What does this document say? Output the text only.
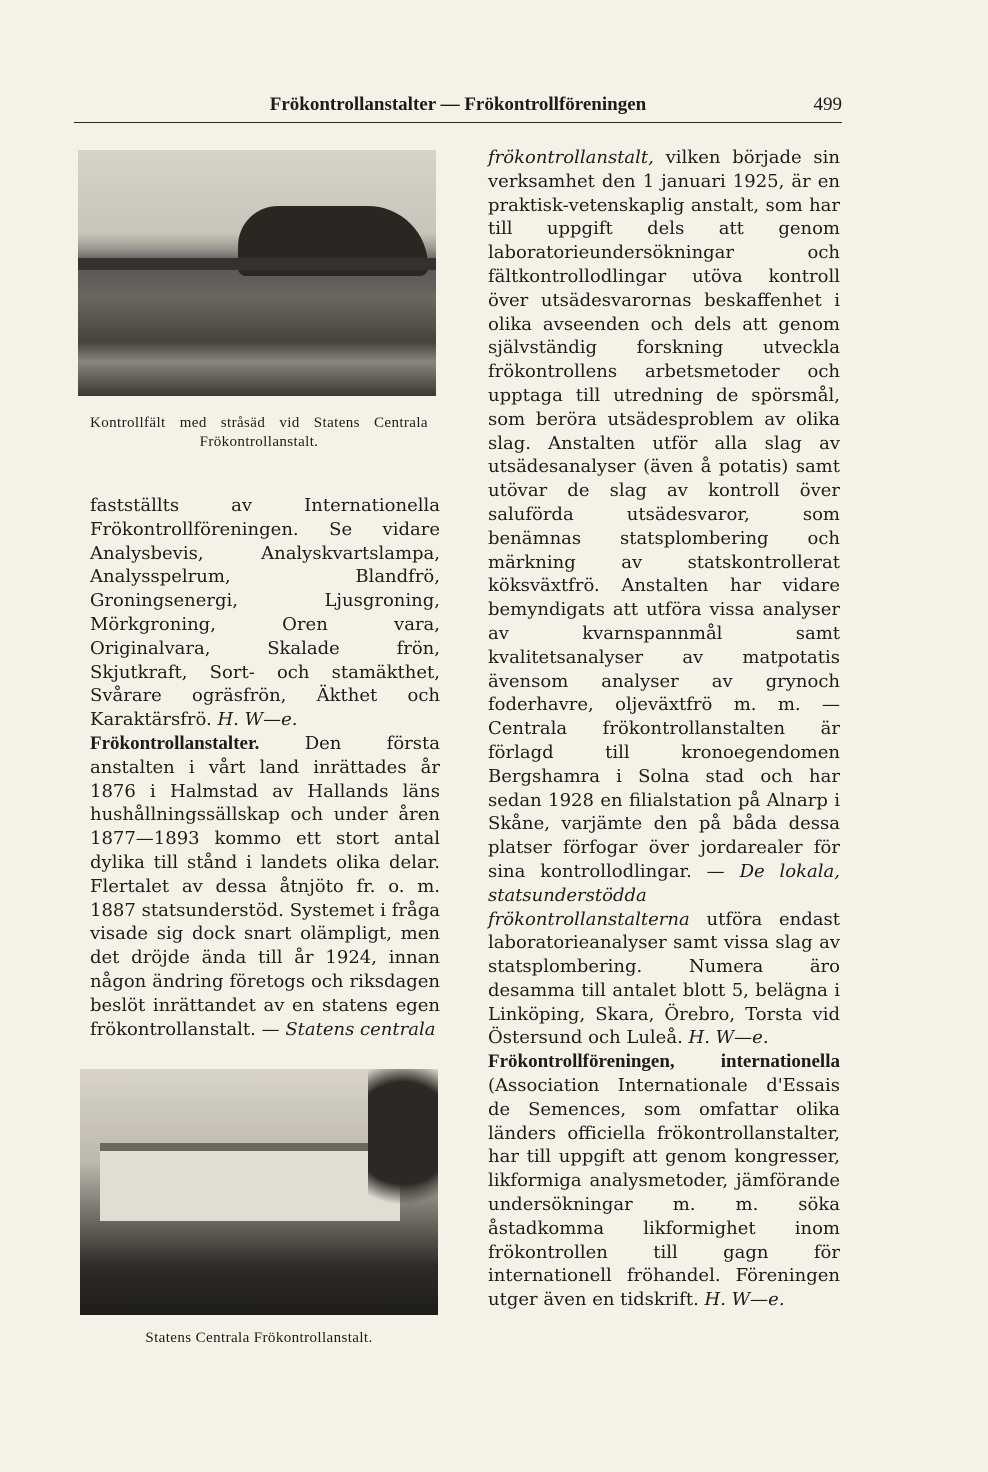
Frökontrollanstalter — Frökontrollföreningen	499
Kontrollfält med stråsäd vid Statens Centrala Frökontrollanstalt.

fastställts av Internationella Frökontrollföreningen. Se vidare Analysbevis, Analyskvartslampa, Analysspelrum, Blandfrö, Groningsenergi, Ljusgroning, Mörkgroning, Oren vara, Originalvara, Skalade frön, Skjutkraft, Sort- och stamäkthet, Svårare ogräsfrön, Äkthet och Karaktärsfrö. H. W—e.

Frökontrollanstalter.	Den första anstalten i vårt land inrättades år 1876 i Halmstad av Hallands läns hushållningssällskap och under åren 1877—1893 kommo ett stort antal dylika till stånd i landets olika delar. Flertalet av dessa åtnjöto fr. o. m. 1887 statsunderstöd. Systemet i fråga visade sig dock snart olämpligt, men det dröjde ända till år 1924, innan någon ändring företogs och riksdagen beslöt inrättandet av en statens egen frökontrollanstalt. — Statens centrala

Statens Centrala Frökontrollanstalt.

frökontrollanstalt, vilken började sin verksamhet den 1 januari 1925, är en praktisk-vetenskaplig anstalt, som har till uppgift dels att genom laboratorieundersökningar och fältkontrollodlingar utöva kontroll över utsädesvarornas beskaffenhet i olika avseenden och dels att genom självständig forskning utveckla frökontrollens arbetsmetoder och upptaga till utredning de spörsmål, som beröra utsädesproblem av olika slag. Anstalten utför alla slag av utsädesanalyser (även å potatis) samt utövar de slag av kontroll över saluförda utsädesvaror, som benämnas statsplombering och märkning av statskontrollerat köksväxtfrö. Anstalten har vidare bemyndigats att utföra vissa analyser av kvarnspannmål samt kvalitetsanalyser av matpotatis ävensom analyser av grynoch foderhavre, oljeväxtfrö m. m. — Centrala frökontrollanstalten är förlagd till kronoegendomen Bergshamra i Solna stad och har sedan 1928 en filialstation på Alnarp i Skåne, varjämte den på båda dessa platser förfogar över jordarealer för sina kontrollodlingar. — De lokala, statsunderstödda frökontrollanstalterna utföra endast laboratorieanalyser samt vissa slag av statsplombering. Numera äro desamma till antalet blott 5, belägna i Linköping, Skara, Örebro, Torsta vid Östersund och Luleå. H. W—e.

Frökontrollföreningen, internationella (Association Internationale d'Essais de Semences, som omfattar olika länders officiella frökontrollanstalter, har till uppgift att genom kongresser, likformiga analysmetoder, jämförande undersökningar m. m. söka åstadkomma likformighet inom frökontrollen till gagn för internationell fröhandel. Föreningen utger även en tidskrift. H. W—e.
